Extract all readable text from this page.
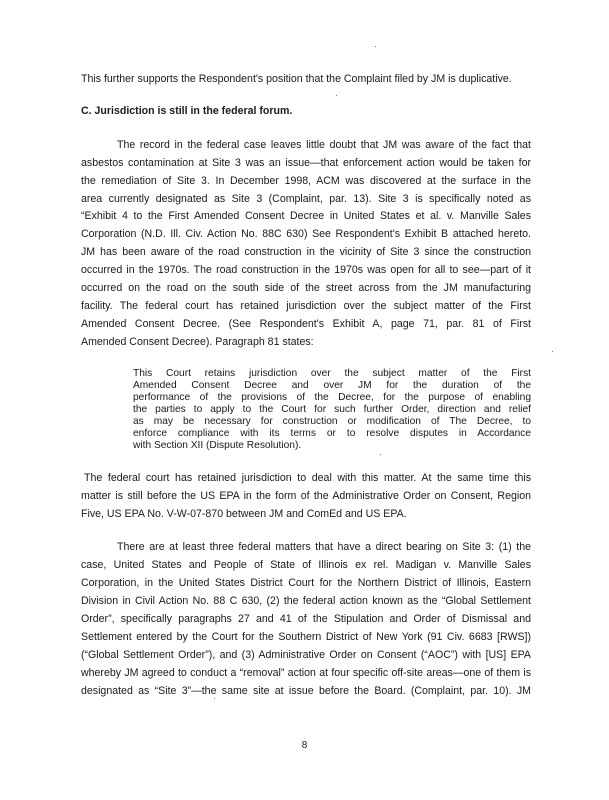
This further supports the Respondent's position that the Complaint filed by JM is duplicative.
C. Jurisdiction is still in the federal forum.
The record in the federal case leaves little doubt that JM was aware of the fact that
asbestos contamination at Site 3 was an issue—that enforcement action would be taken for
the remediation of Site 3. In December 1998, ACM was discovered at the surface in the
area currently designated as Site 3 (Complaint, par. 13). Site 3 is specifically noted as
“Exhibit 4 to the First Amended Consent Decree in United States et al. v. Manville Sales
Corporation (N.D. Ill. Civ. Action No. 88C 630) See Respondent's Exhibit B attached hereto.
JM has been aware of the road construction in the vicinity of Site 3 since the construction
occurred in the 1970s. The road construction in the 1970s was open for all to see—part of it
occurred on the road on the south side of the street across from the JM manufacturing
facility. The federal court has retained jurisdiction over the subject matter of the First
Amended Consent Decree. (See Respondent's Exhibit A, page 71, par. 81 of First
Amended Consent Decree). Paragraph 81 states:
This Court retains jurisdiction over the subject matter of the First
Amended Consent Decree and over JM for the duration of the
performance of the provisions of the Decree, for the purpose of enabling
the parties to apply to the Court for such further Order, direction and relief
as may be necessary for construction or modification of The Decree, to
enforce compliance with its terms or to resolve disputes in Accordance
with Section XII (Dispute Resolution).
The federal court has retained jurisdiction to deal with this matter. At the same time this
matter is still before the US EPA in the form of the Administrative Order on Consent, Region
Five, US EPA No. V-W-07-870 between JM and ComEd and US EPA.
There are at least three federal matters that have a direct bearing on Site 3: (1) the
case, United States and People of State of Illinois ex rel. Madigan v. Manville Sales
Corporation, in the United States District Court for the Northern District of Illinois, Eastern
Division in Civil Action No. 88 C 630, (2) the federal action known as the “Global Settlement
Order”, specifically paragraphs 27 and 41 of the Stipulation and Order of Dismissal and
Settlement entered by the Court for the Southern District of New York (91 Civ. 6683 [RWS])
(“Global Settlement Order”), and (3) Administrative Order on Consent (“AOC”) with [US] EPA
whereby JM agreed to conduct a “removal” action at four specific off-site areas—one of them is
designated as “Site 3”—the same site at issue before the Board. (Complaint, par. 10). JM
8
